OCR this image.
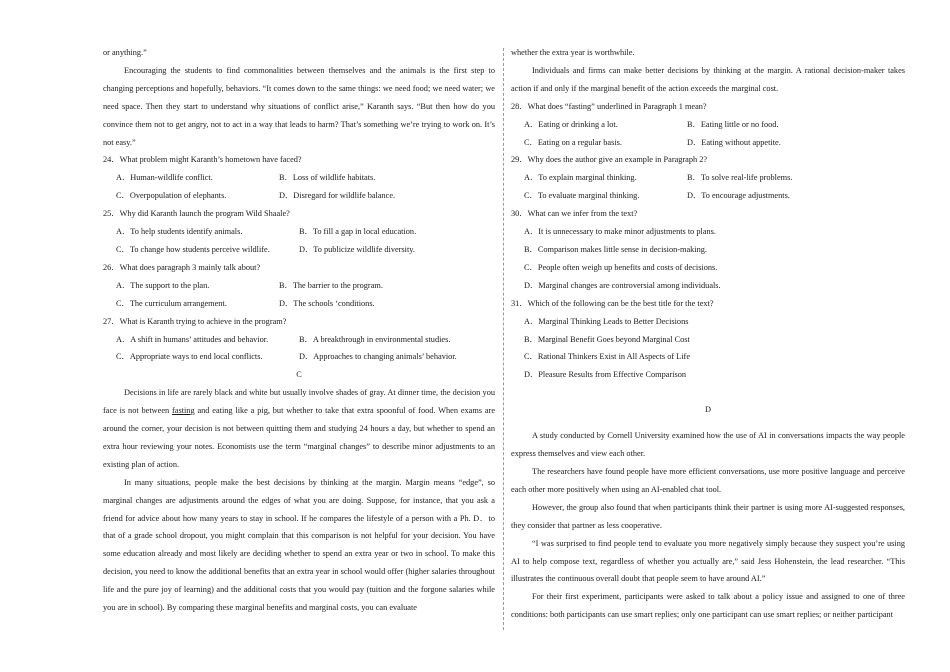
or anything.”

Encouraging the students to find commonalities between themselves and the animals is the first step to changing perceptions and hopefully, behaviors. “It comes down to the same things: we need food; we need water; we need space. Then they start to understand why situations of conflict arise,” Karanth says. “But then how do you convince them not to get angry, not to act in a way that leads to harm? That’s something we’re trying to work on. It’s not easy.”

24．What problem might Karanth’s hometown have faced?

A．Human-wildlife conflict.	B．Loss of wildlife habitats.
C．Overpopulation of elephants.	D．Disregard for wildlife balance.

25．Why did Karanth launch the program Wild Shaale?

A．To help students identify animals.	B．To fill a gap in local education.
C．To change how students perceive wildlife.	D．To publicize wildlife diversity.

26．What does paragraph 3 mainly talk about?

A．The support to the plan.	B．The barrier to the program.
C．The curriculum arrangement.	D．The schools ‘conditions.

27．What is Karanth trying to achieve in the program?

A．A shift in humans’ attitudes and behavior.	B．A breakthrough in environmental studies.
C．Appropriate ways to end local conflicts.	D．Approaches to changing animals’ behavior.

C

Decisions in life are rarely black and white but usually involve shades of gray. At dinner time, the decision you face is not between fasting and eating like a pig, but whether to take that extra spoonful of food. When exams are around the corner, your decision is not between quitting them and studying 24 hours a day, but whether to spend an extra hour reviewing your notes. Economists use the term “marginal changes” to describe minor adjustments to an existing plan of action.

In many situations, people make the best decisions by thinking at the margin. Margin means “edge”, so marginal changes are adjustments around the edges of what you are doing. Suppose, for instance, that you ask a friend for advice about how many years to stay in school. If he compares the lifestyle of a person with a Ph. D．to that of a grade school dropout, you might complain that this comparison is not helpful for your decision. You have some education already and most likely are deciding whether to spend an extra year or two in school. To make this decision, you need to know the additional benefits that an extra year in school would offer (higher salaries throughout life and the pure joy of learning) and the additional costs that you would pay (tuition and the forgone salaries while you are in school). By comparing these marginal benefits and marginal costs, you can evaluate

whether the extra year is worthwhile.

Individuals and firms can make better decisions by thinking at the margin. A rational decision-maker takes action if and only if the marginal benefit of the action exceeds the marginal cost.

28．What does “fasting” underlined in Paragraph 1 mean?

A．Eating or drinking a lot.	B．Eating little or no food.
C．Eating on a regular basis.	D．Eating without appetite.

29．Why does the author give an example in Paragraph 2?

A．To explain marginal thinking.	B．To solve real-life problems.
C．To evaluate marginal thinking.	D．To encourage adjustments.

30．What can we infer from the text?

A．It is unnecessary to make minor adjustments to plans.

B．Comparison makes little sense in decision-making.

C．People often weigh up benefits and costs of decisions.

D．Marginal changes are controversial among individuals.

31．Which of the following can be the best title for the text?

A．Marginal Thinking Leads to Better Decisions

B．Marginal Benefit Goes beyond Marginal Cost

C．Rational Thinkers Exist in All Aspects of Life

D．Pleasure Results from Effective Comparison

D

A study conducted by Cornell University examined how the use of AI in conversations impacts the way people express themselves and view each other.

The researchers have found people have more efficient conversations, use more positive language and perceive each other more positively when using an AI-enabled chat tool.

However, the group also found that when participants think their partner is using more AI-suggested responses, they consider that partner as less cooperative.

“I was surprised to find people tend to evaluate you more negatively simply because they suspect you’re using AI to help compose text, regardless of whether you actually are,” said Jess Hohenstein, the lead researcher. “This illustrates the continuous overall doubt that people seem to have around AI.”

For their first experiment, participants were asked to talk about a policy issue and assigned to one of three conditions: both participants can use smart replies; only one participant can use smart replies; or neither participant
